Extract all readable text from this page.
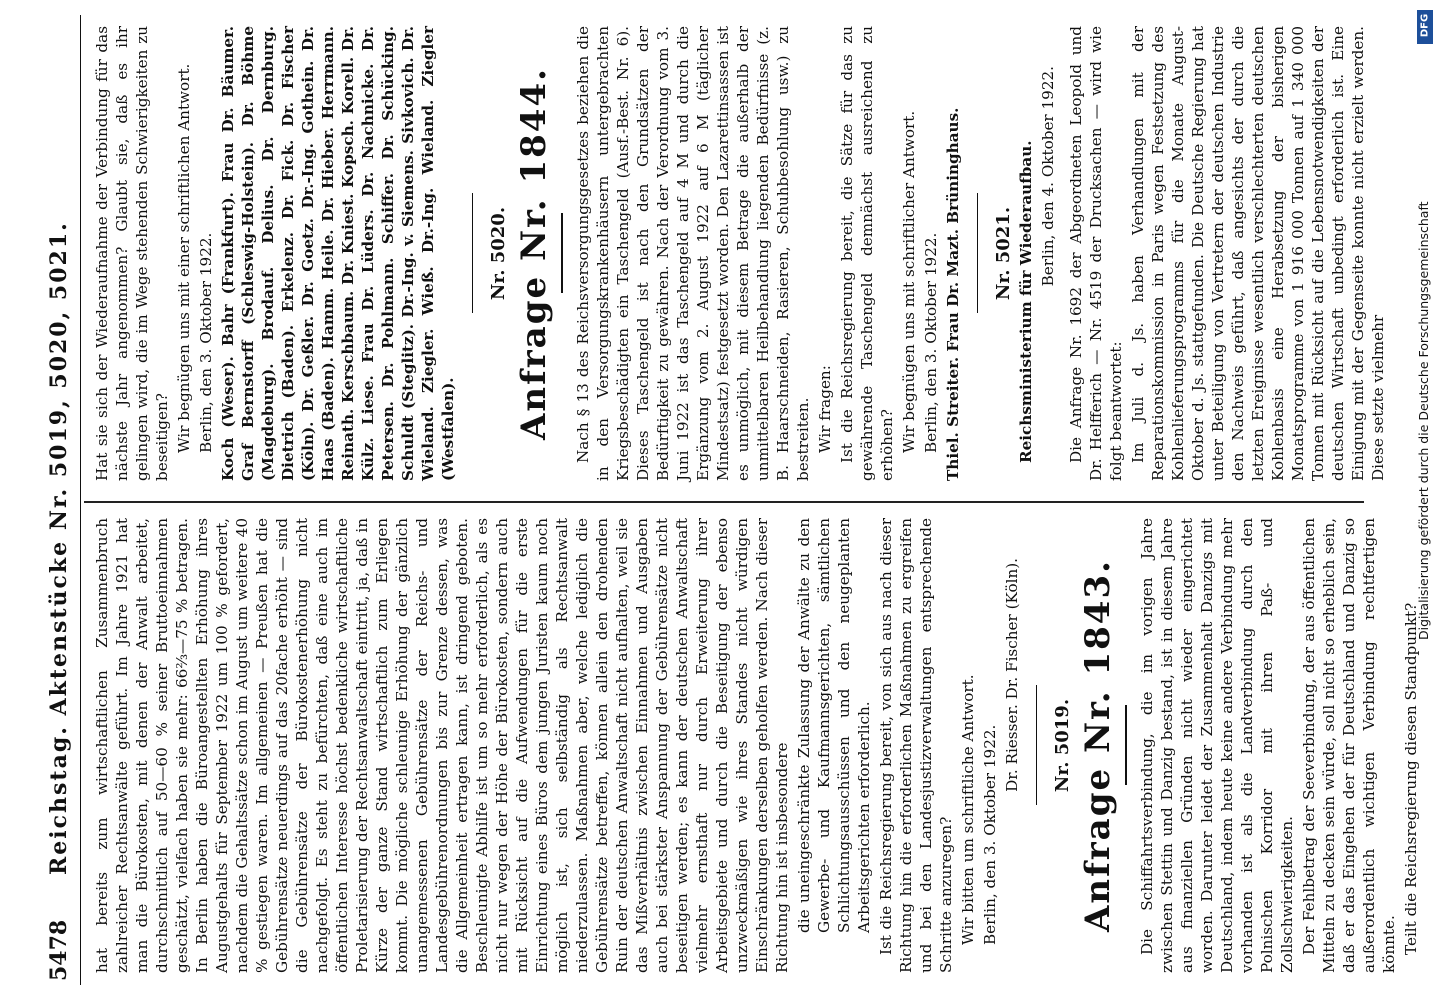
5478
Reichstag. Aktenstücke Nr. 5019, 5020, 5021. hat bereits zum wirtschaftlichen Zusammenbruch zahlreicher Rechtsanwälte geführt. Im Jahre 1921 hat man die Bürokosten, mit denen der Anwalt arbeitet, durchschnittlich auf 50—60 % seiner Bruttoeinnahmen geschätzt, vielfach haben sie mehr: 66⅔—75 % betragen. In Berlin haben die Büroangestellten Erhöhung ihres Augustgehalts für September 1922 um 100 % gefordert, nachdem die Gehaltssätze schon im August um weitere 40 % gestiegen waren. Im allgemeinen — Preußen hat die Gebührensätze neuerdings auf das 20fache erhöht — sind die Gebührensätze der Bürokostenerhöhung nicht nachgefolgt. Es steht zu befürchten, daß eine auch im öffentlichen Interesse höchst bedenkliche wirtschaftliche Proletarisierung der Rechtsanwaltschaft eintritt, ja, daß in Kürze der ganze Stand wirtschaftlich zum Erliegen kommt. Die mögliche schleunige Erhöhung der gänzlich unangemessenen Gebührensätze der Reichs- und Landesgebührenordnungen bis zur Grenze dessen, was die Allgemeinheit ertragen kann, ist dringend geboten. Beschleunigte Abhilfe ist um so mehr erforderlich, als es nicht nur wegen der Höhe der Bürokosten, sondern auch mit Rücksicht auf die Aufwendungen für die erste Einrichtung eines Büros dem jungen Juristen kaum noch möglich ist, sich selbständig als Rechtsanwalt niederzulassen. Maßnahmen aber, welche lediglich die Gebührensätze betreffen, können allein den drohenden Ruin der deutschen Anwaltschaft nicht aufhalten, weil sie das Mißverhältnis zwischen Einnahmen und Ausgaben auch bei stärkster Anspannung der Gebührensätze nicht beseitigen werden; es kann der deutschen Anwaltschaft vielmehr ernsthaft nur durch Erweiterung ihrer Arbeitsgebiete und durch die Beseitigung der ebenso unzweckmäßigen wie ihres Standes nicht würdigen Einschränkungen derselben geholfen werden. Nach dieser Richtung hin ist insbesondere die uneingeschränkte Zulassung der Anwälte zu den Gewerbe- und Kaufmannsgerichten, sämtlichen Schlichtungsausschüssen und den neugeplanten Arbeitsgerichten erforderlich. Ist die Reichsregierung bereit, von sich aus nach dieser Richtung hin die erforderlichen Maßnahmen zu ergreifen und bei den Landesjustizverwaltungen entsprechende Schritte anzuregen? Wir bitten um schriftliche Antwort. Berlin, den 3. Oktober 1922.

Dr. Riesser. Dr. Fischer (Köln). Nr. 5019. Anfrage Nr. 1843. Die Schiffahrtsverbindung, die im vorigen Jahre zwischen Stettin und Danzig bestand, ist in diesem Jahre aus finanziellen Gründen nicht wieder eingerichtet worden. Darunter leidet der Zusammenhalt Danzigs mit Deutschland, indem heute keine andere Verbindung mehr vorhanden ist als die Landverbindung durch den Polnischen Korridor mit ihren Paß- und Zollschwierigkeiten. Der Fehlbetrag der Seeverbindung, der aus öffentlichen Mitteln zu decken sein würde, soll nicht so erheblich sein, daß er das Eingehen der für Deutschland und Danzig so außerordentlich wichtigen Verbindung rechtfertigen könnte. Teilt die Reichsregierung diesen Standpunkt?

Hat sie sich der Wiederaufnahme der Verbindung für das nächste Jahr angenommen? Glaubt sie, daß es ihr gelingen wird, die im Wege stehenden Schwierigkeiten zu beseitigen? Wir begnügen uns mit einer schriftlichen Antwort. Berlin, den 3. Oktober 1922. Koch (Weser). Bahr (Frankfurt). Frau Dr. Bäumer. Graf Bernstorff (Schleswig-Holstein). Dr. Böhme (Magdeburg). Brodauf. Delius. Dr. Dernburg. Dietrich (Baden). Erkelenz. Dr. Fick. Dr. Fischer (Köln). Dr. Geßler. Dr. Goetz. Dr.-Ing. Gothein. Dr. Haas (Baden). Hamm. Heile. Dr. Hieber. Herrmann. Reinath. Kerschbaum. Dr. Kniest. Kopsch. Korell. Dr. Külz. Liese. Frau Dr. Lüders. Dr. Nachnicke. Dr. Petersen. Dr. Pohlmann. Schiffer. Dr. Schücking. Schuldt (Steglitz). Dr.-Ing. v. Siemens. Sivkovich. Dr. Wieland. Ziegler. Wieß. Dr.-Ing. Wieland. Ziegler (Westfalen).

Nr. 5020. Anfrage Nr. 1844. Nach § 13 des Reichsversorgungsgesetzes beziehen die in den Versorgungskrankenhäusern untergebrachten Kriegsbeschädigten ein Taschengeld (Ausf.-Best. Nr. 6). Dieses Taschengeld ist nach den Grundsätzen der Bedürftigkeit zu gewähren. Nach der Verordnung vom 3. Juni 1922 ist das Taschengeld auf 4 M und durch die Ergänzung vom 2. August 1922 auf 6 M (täglicher Mindestsatz) festgesetzt worden. Den Lazarettinsassen ist es unmöglich, mit diesem Betrage die außerhalb der unmittelbaren Heilbehandlung liegenden Bedürfnisse (z. B. Haarschneiden, Rasieren, Schuhbesohlung usw.) zu bestreiten. Wir fragen: Ist die Reichsregierung bereit, die Sätze für das zu gewährende Taschengeld demnächst ausreichend zu erhöhen? Wir begnügen uns mit schriftlicher Antwort. Berlin, den 3. Oktober 1922. Thiel. Streiter. Frau Dr. Mazt. Brüninghaus. Nr. 5021. Reichsministerium für Wiederaufbau. Berlin, den 4. Oktober 1922. Die Anfrage Nr. 1692 der Abgeordneten Leopold und Dr. Helfferich — Nr. 4519 der Drucksachen — wird wie folgt beantwortet: Im Juli d. Js. haben Verhandlungen mit der Reparationskommission in Paris wegen Festsetzung des Kohlenlieferungsprogramms für die Monate August-Oktober d. Js. stattgefunden. Die Deutsche Regierung hat unter Beteiligung von Vertretern der deutschen Industrie den Nachweis geführt, daß angesichts der durch die letzten Ereignisse wesentlich verschlechterten deutschen Kohlenbasis eine Herabsetzung der bisherigen Monatsprogramme von 1 916 000 Tonnen auf 1 340 000 Tonnen mit Rücksicht auf die Lebensnotwendigkeiten der deutschen Wirtschaft unbedingt erforderlich ist. Eine Einigung mit der Gegenseite konnte nicht erzielt werden. Diese setzte vielmehr

DFG
Digitalisierung gefördert durch die Deutsche Forschungsgemeinschaft
